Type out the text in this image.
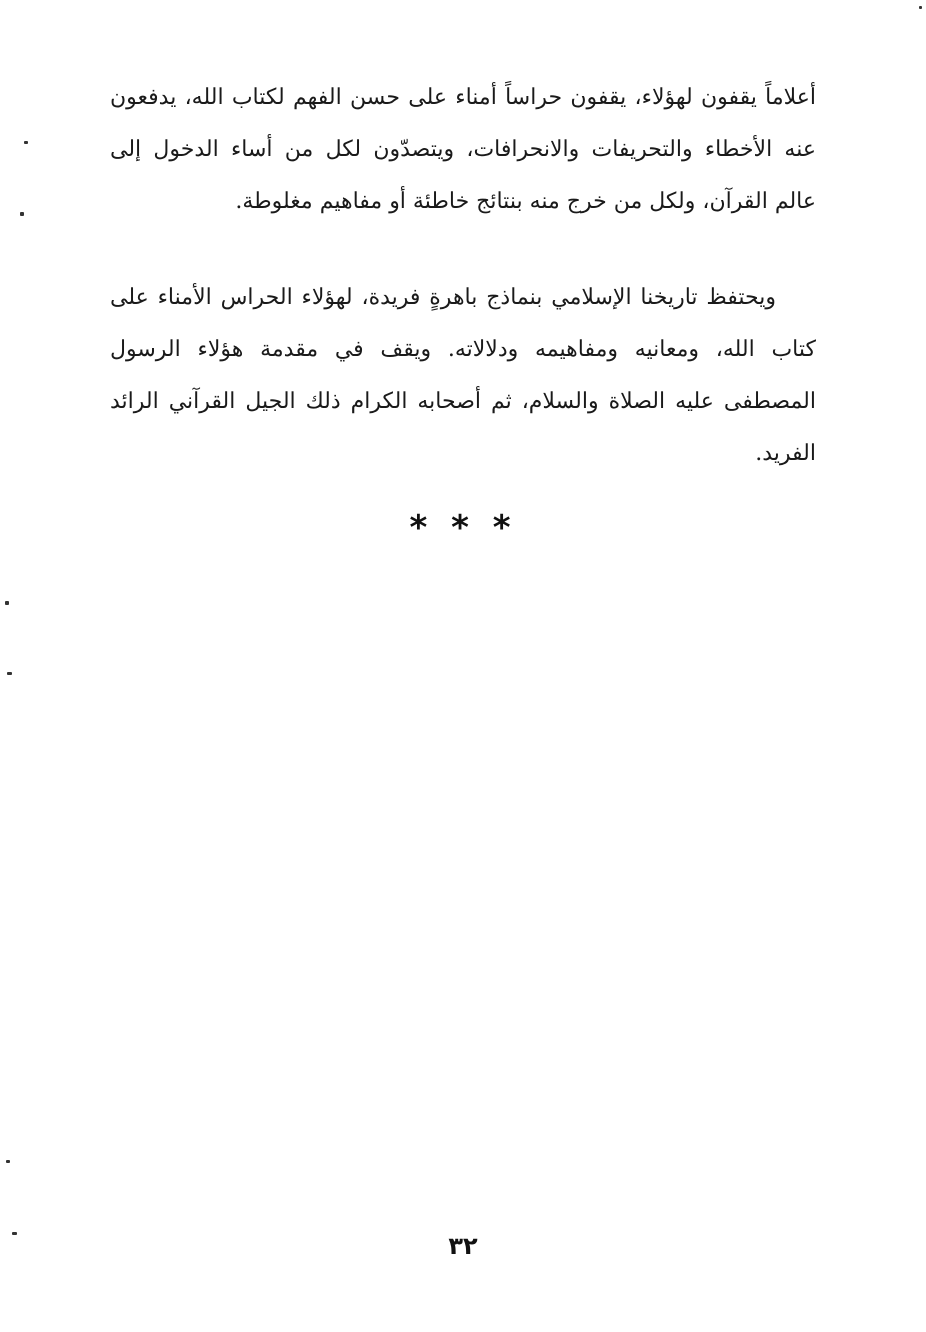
أعلاماً يقفون لهؤلاء، يقفون حراساً أمناء على حسن الفهم لكتاب الله، يدفعون عنه الأخطاء والتحريفات والانحرافات، ويتصدّون لكل من أساء الدخول إلى عالم القرآن، ولكل من خرج منه بنتائج خاطئة أو مفاهيم مغلوطة.

ويحتفظ تاريخنا الإسلامي بنماذج باهرةٍ فريدة، لهؤلاء الحراس الأمناء على كتاب الله، ومعانيه ومفاهيمه ودلالاته. ويقف في مقدمة هؤلاء الرسول المصطفى عليه الصلاة والسلام، ثم أصحابه الكرام ذلك الجيل القرآني الرائد الفريد.

* * *
٣٢
